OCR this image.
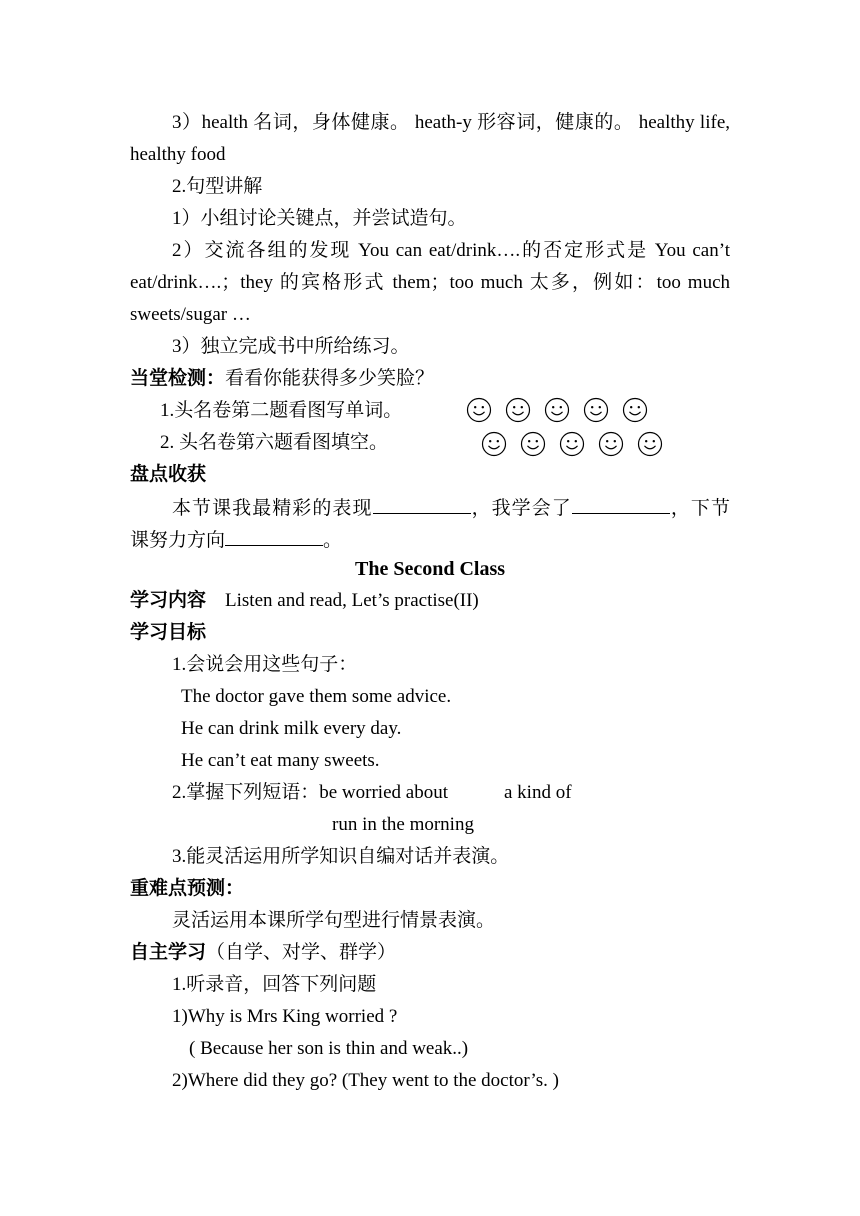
3）health 名词，身体健康。 heath-y 形容词，健康的。 healthy life,
healthy food
2.句型讲解
1）小组讨论关键点，并尝试造句。
2）交流各组的发现 You can eat/drink….的否定形式是 You can’t
eat/drink….；they 的宾格形式 them；too much 太多，例如：too much
sweets/sugar …
3）独立完成书中所给练习。
当堂检测：看看你能获得多少笑脸？
1.头名卷第二题看图写单词。
2. 头名卷第六题看图填空。
盘点收获
本节课我最精彩的表现	，我学会了	，下节
课努力方向	。
The Second Class
学习内容 Listen and read, Let’s practise(II)
学习目标
1.会说会用这些句子：
The doctor gave them some advice.
He can drink milk every day.
He can’t eat many sweets.
2.掌握下列短语：be worried about	a kind of
run in the morning
3.能灵活运用所学知识自编对话并表演。
重难点预测：
灵活运用本课所学句型进行情景表演。
自主学习（自学、对学、群学）
1.听录音，回答下列问题
1)Why is Mrs King worried ?
( Because her son is thin and weak..)
2)Where did they go? (They went to the doctor’s. )
